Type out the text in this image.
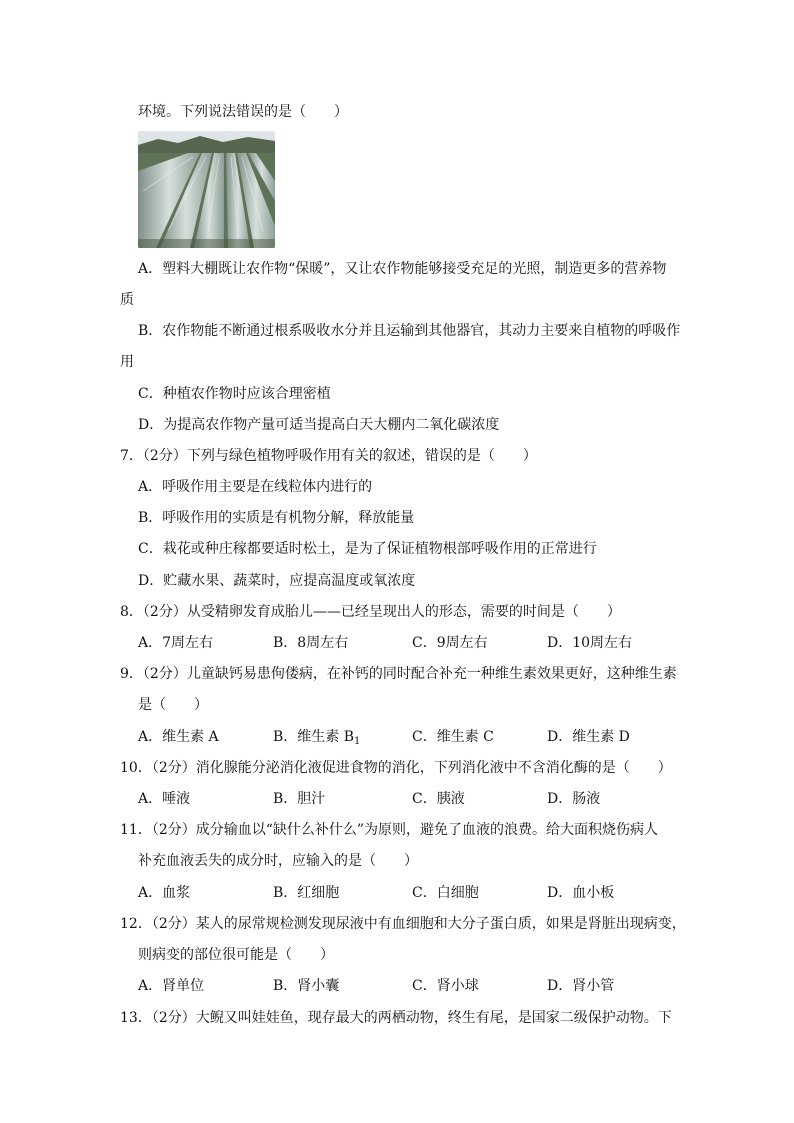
环境。下列说法错误的是（　　）
A．塑料大棚既让农作物“保暖”，又让农作物能够接受充足的光照，制造更多的营养物
质
B．农作物能不断通过根系吸收水分并且运输到其他器官，其动力主要来自植物的呼吸作
用
C．种植农作物时应该合理密植
D．为提高农作物产量可适当提高白天大棚内二氧化碳浓度
7．（2分）下列与绿色植物呼吸作用有关的叙述，错误的是（　　）
A．呼吸作用主要是在线粒体内进行的
B．呼吸作用的实质是有机物分解，释放能量
C．栽花或种庄稼都要适时松土，是为了保证植物根部呼吸作用的正常进行
D．贮藏水果、蔬菜时，应提高温度或氧浓度
8．（2分）从受精卵发育成胎儿——已经呈现出人的形态，需要的时间是（　　）
A．7周左右	B．8周左右	C．9周左右	D．10周左右
9．（2分）儿童缺钙易患佝偻病，在补钙的同时配合补充一种维生素效果更好，这种维生素
是（　　）
A．维生素 A	B．维生素 $B_1$	C．维生素 C	D．维生素 D
10．（2分）消化腺能分泌消化液促进食物的消化，下列消化液中不含消化酶的是（　　）
A．唾液	B．胆汁	C．胰液	D．肠液
11．（2分）成分输血以“缺什么补什么”为原则，避免了血液的浪费。给大面积烧伤病人
补充血液丢失的成分时，应输入的是（　　）
A．血浆	B．红细胞	C．白细胞	D．血小板
12．（2分）某人的尿常规检测发现尿液中有血细胞和大分子蛋白质，如果是肾脏出现病变，
则病变的部位很可能是（　　）
A．肾单位	B．肾小囊	C．肾小球	D．肾小管
13．（2分）大鲵又叫娃娃鱼，现存最大的两栖动物，终生有尾，是国家二级保护动物。下
